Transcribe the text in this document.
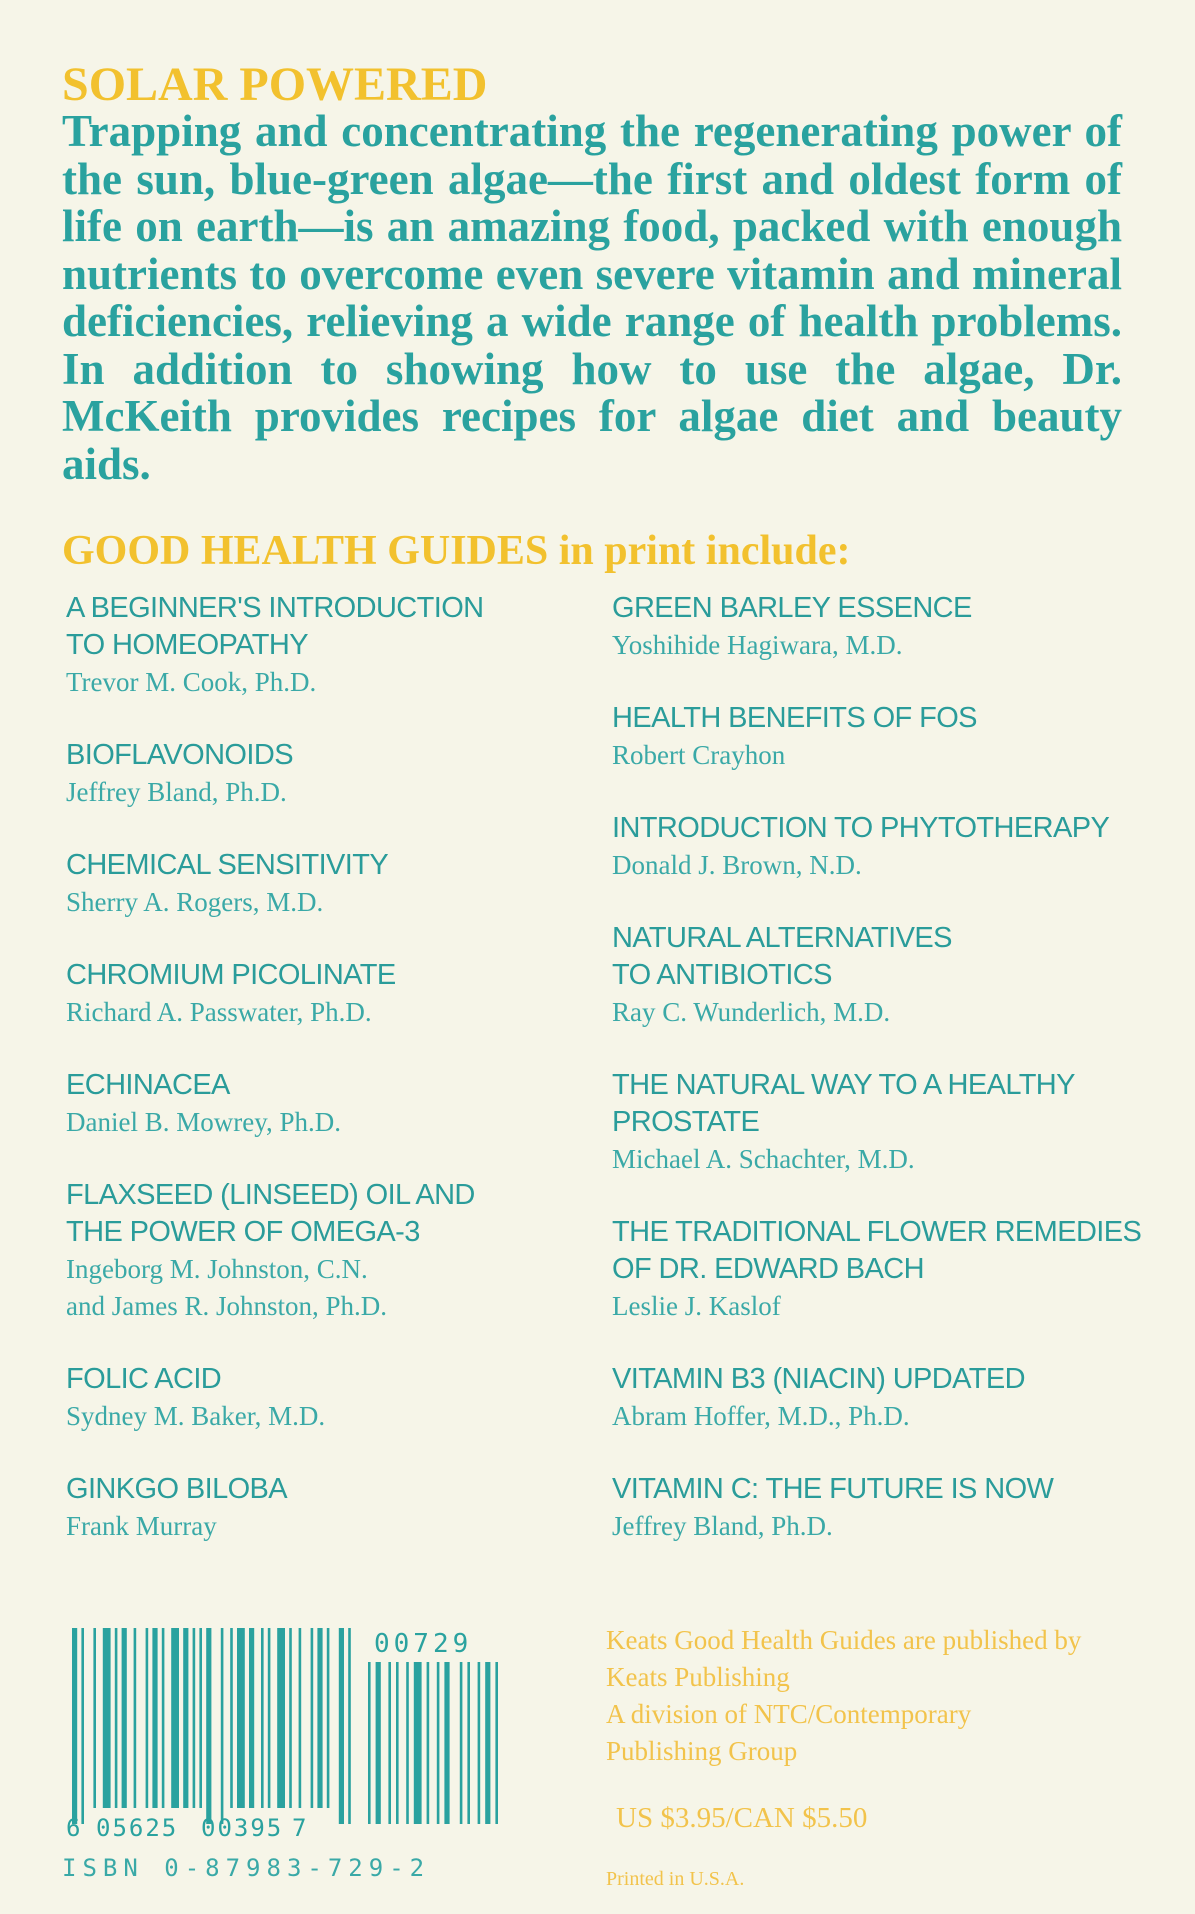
SOLAR POWERED
Trapping and concentrating the regenerating power of the sun, blue-green algae—the first and oldest form of life on earth—is an amazing food, packed with enough nutrients to overcome even severe vitamin and mineral deficiencies, relieving a wide range of health problems. In addition to showing how to use the algae, Dr. McKeith provides recipes for algae diet and beauty aids.
GOOD HEALTH GUIDES in print include:
A BEGINNER'S INTRODUCTION
TO HOMEOPATHY
Trevor M. Cook, Ph.D.
BIOFLAVONOIDS
Jeffrey Bland, Ph.D.
CHEMICAL SENSITIVITY
Sherry A. Rogers, M.D.
CHROMIUM PICOLINATE
Richard A. Passwater, Ph.D.
ECHINACEA
Daniel B. Mowrey, Ph.D.
FLAXSEED (LINSEED) OIL AND
THE POWER OF OMEGA-3
Ingeborg M. Johnston, C.N.
and James R. Johnston, Ph.D.
FOLIC ACID
Sydney M. Baker, M.D.
GINKGO BILOBA
Frank Murray
GREEN BARLEY ESSENCE
Yoshihide Hagiwara, M.D.
HEALTH BENEFITS OF FOS
Robert Crayhon
INTRODUCTION TO PHYTOTHERAPY
Donald J. Brown, N.D.
NATURAL ALTERNATIVES
TO ANTIBIOTICS
Ray C. Wunderlich, M.D.
THE NATURAL WAY TO A HEALTHY
PROSTATE
Michael A. Schachter, M.D.
THE TRADITIONAL FLOWER REMEDIES
OF DR. EDWARD BACH
Leslie J. Kaslof
VITAMIN B3 (NIACIN) UPDATED
Abram Hoffer, M.D., Ph.D.
VITAMIN C: THE FUTURE IS NOW
Jeffrey Bland, Ph.D.
00729
6 05625 00395 7
ISBN 0-87983-729-2
Keats Good Health Guides are published by
Keats Publishing
A division of NTC/Contemporary
Publishing Group
US $3.95/CAN $5.50
Printed in U.S.A.
